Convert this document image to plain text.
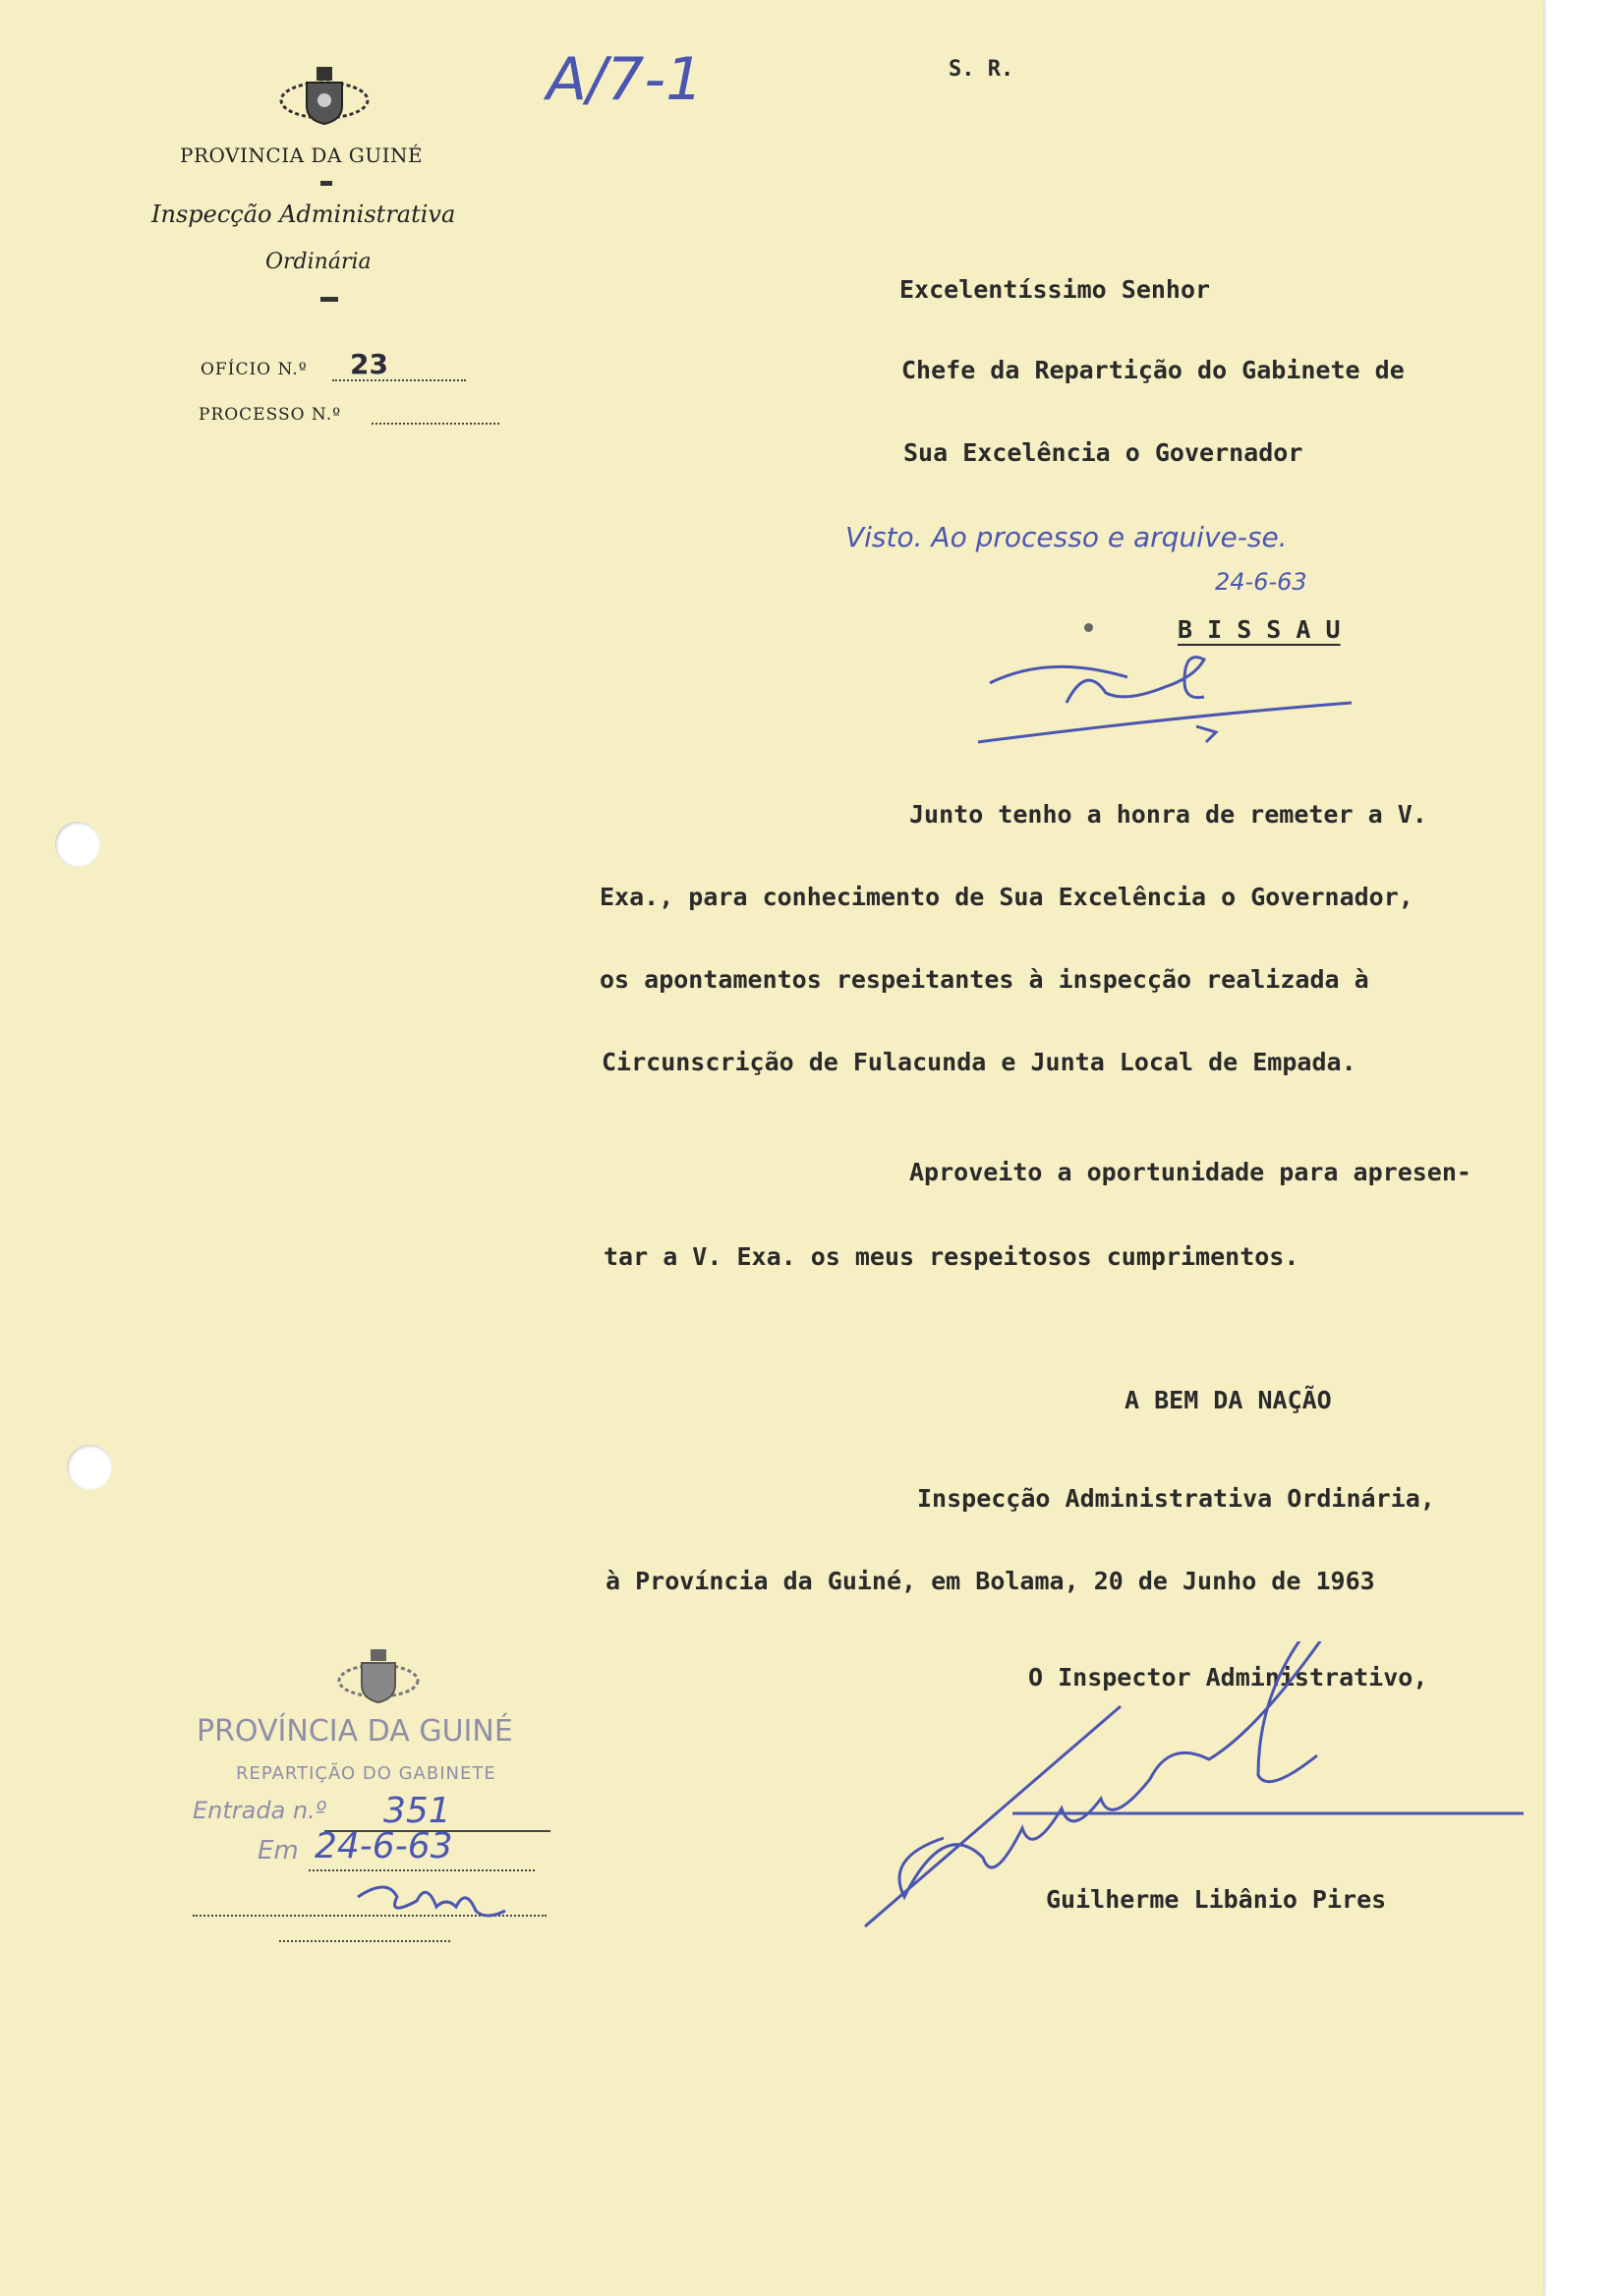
PROVINCIA DA GUINÉ

Inspecção Administrativa

Ordinária

OFÍCIO N.º 23

PROCESSO N.º

A/7-1	S. R.

Excelentíssimo Senhor

Chefe da Repartição do Gabinete de

Sua Excelência o Governador

Visto. Ao processo e arquive-se.

24-6-63

B I S S A U

Junto tenho a honra de remeter a V.

Exa., para conhecimento de Sua Excelência o Governador,

os apontamentos respeitantes à inspecção realizada à

Circunscrição de Fulacunda e Junta Local de Empada.

Aproveito a oportunidade para apresen-

tar a V. Exa. os meus respeitosos cumprimentos.

A BEM DA NAÇÃO

Inspecção Administrativa Ordinária,

à Província da Guiné, em Bolama, 20 de Junho de 1963

O Inspector Administrativo,

Guilherme Libânio Pires

PROVÍNCIA DA GUINÉ

REPARTIÇÃO DO GABINETE

Entrada n.º 351

Em 24-6-63
